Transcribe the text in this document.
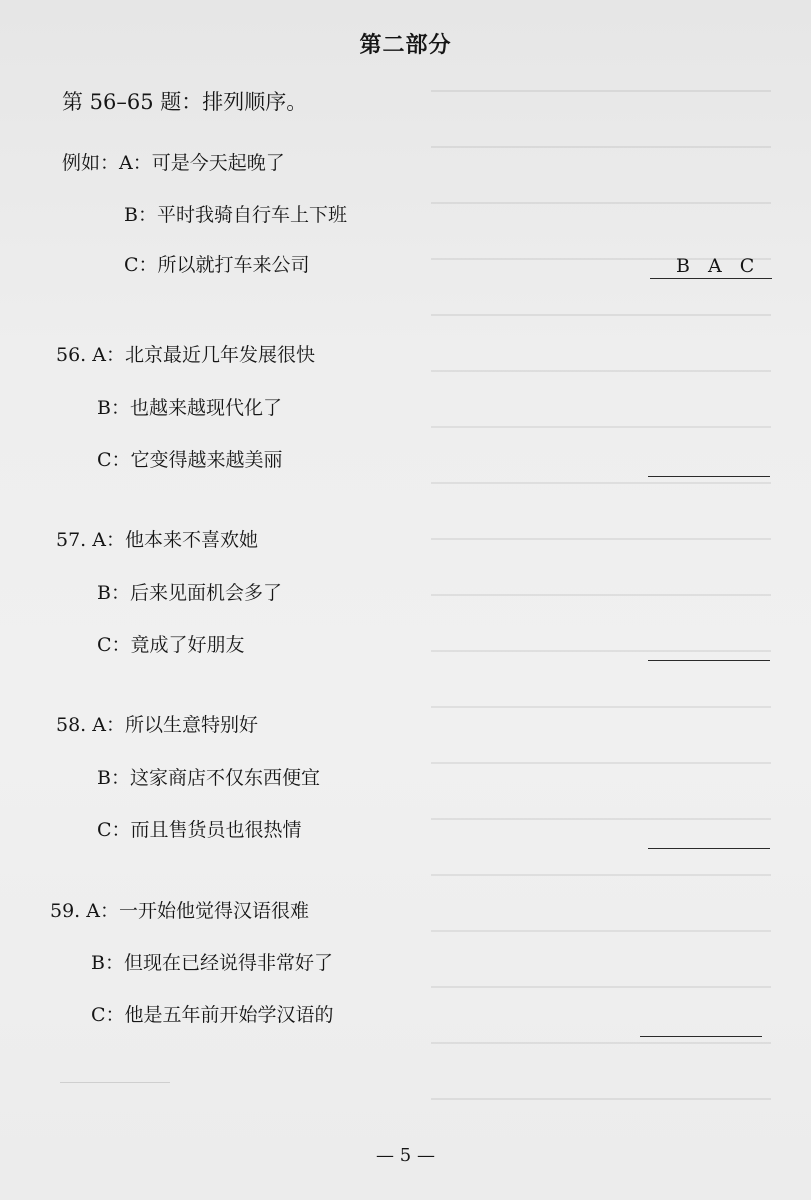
第二部分
第 56–65 题：排列顺序。
例如：A：可是今天起晚了
B：平时我骑自行车上下班
C：所以就打车来公司	B A C
56. A：北京最近几年发展很快
B：也越来越现代化了
C：它变得越来越美丽
57. A：他本来不喜欢她
B：后来见面机会多了
C：竟成了好朋友
58. A：所以生意特别好
B：这家商店不仅东西便宜
C：而且售货员也很热情
59. A：一开始他觉得汉语很难
B：但现在已经说得非常好了
C：他是五年前开始学汉语的
— 5 —
